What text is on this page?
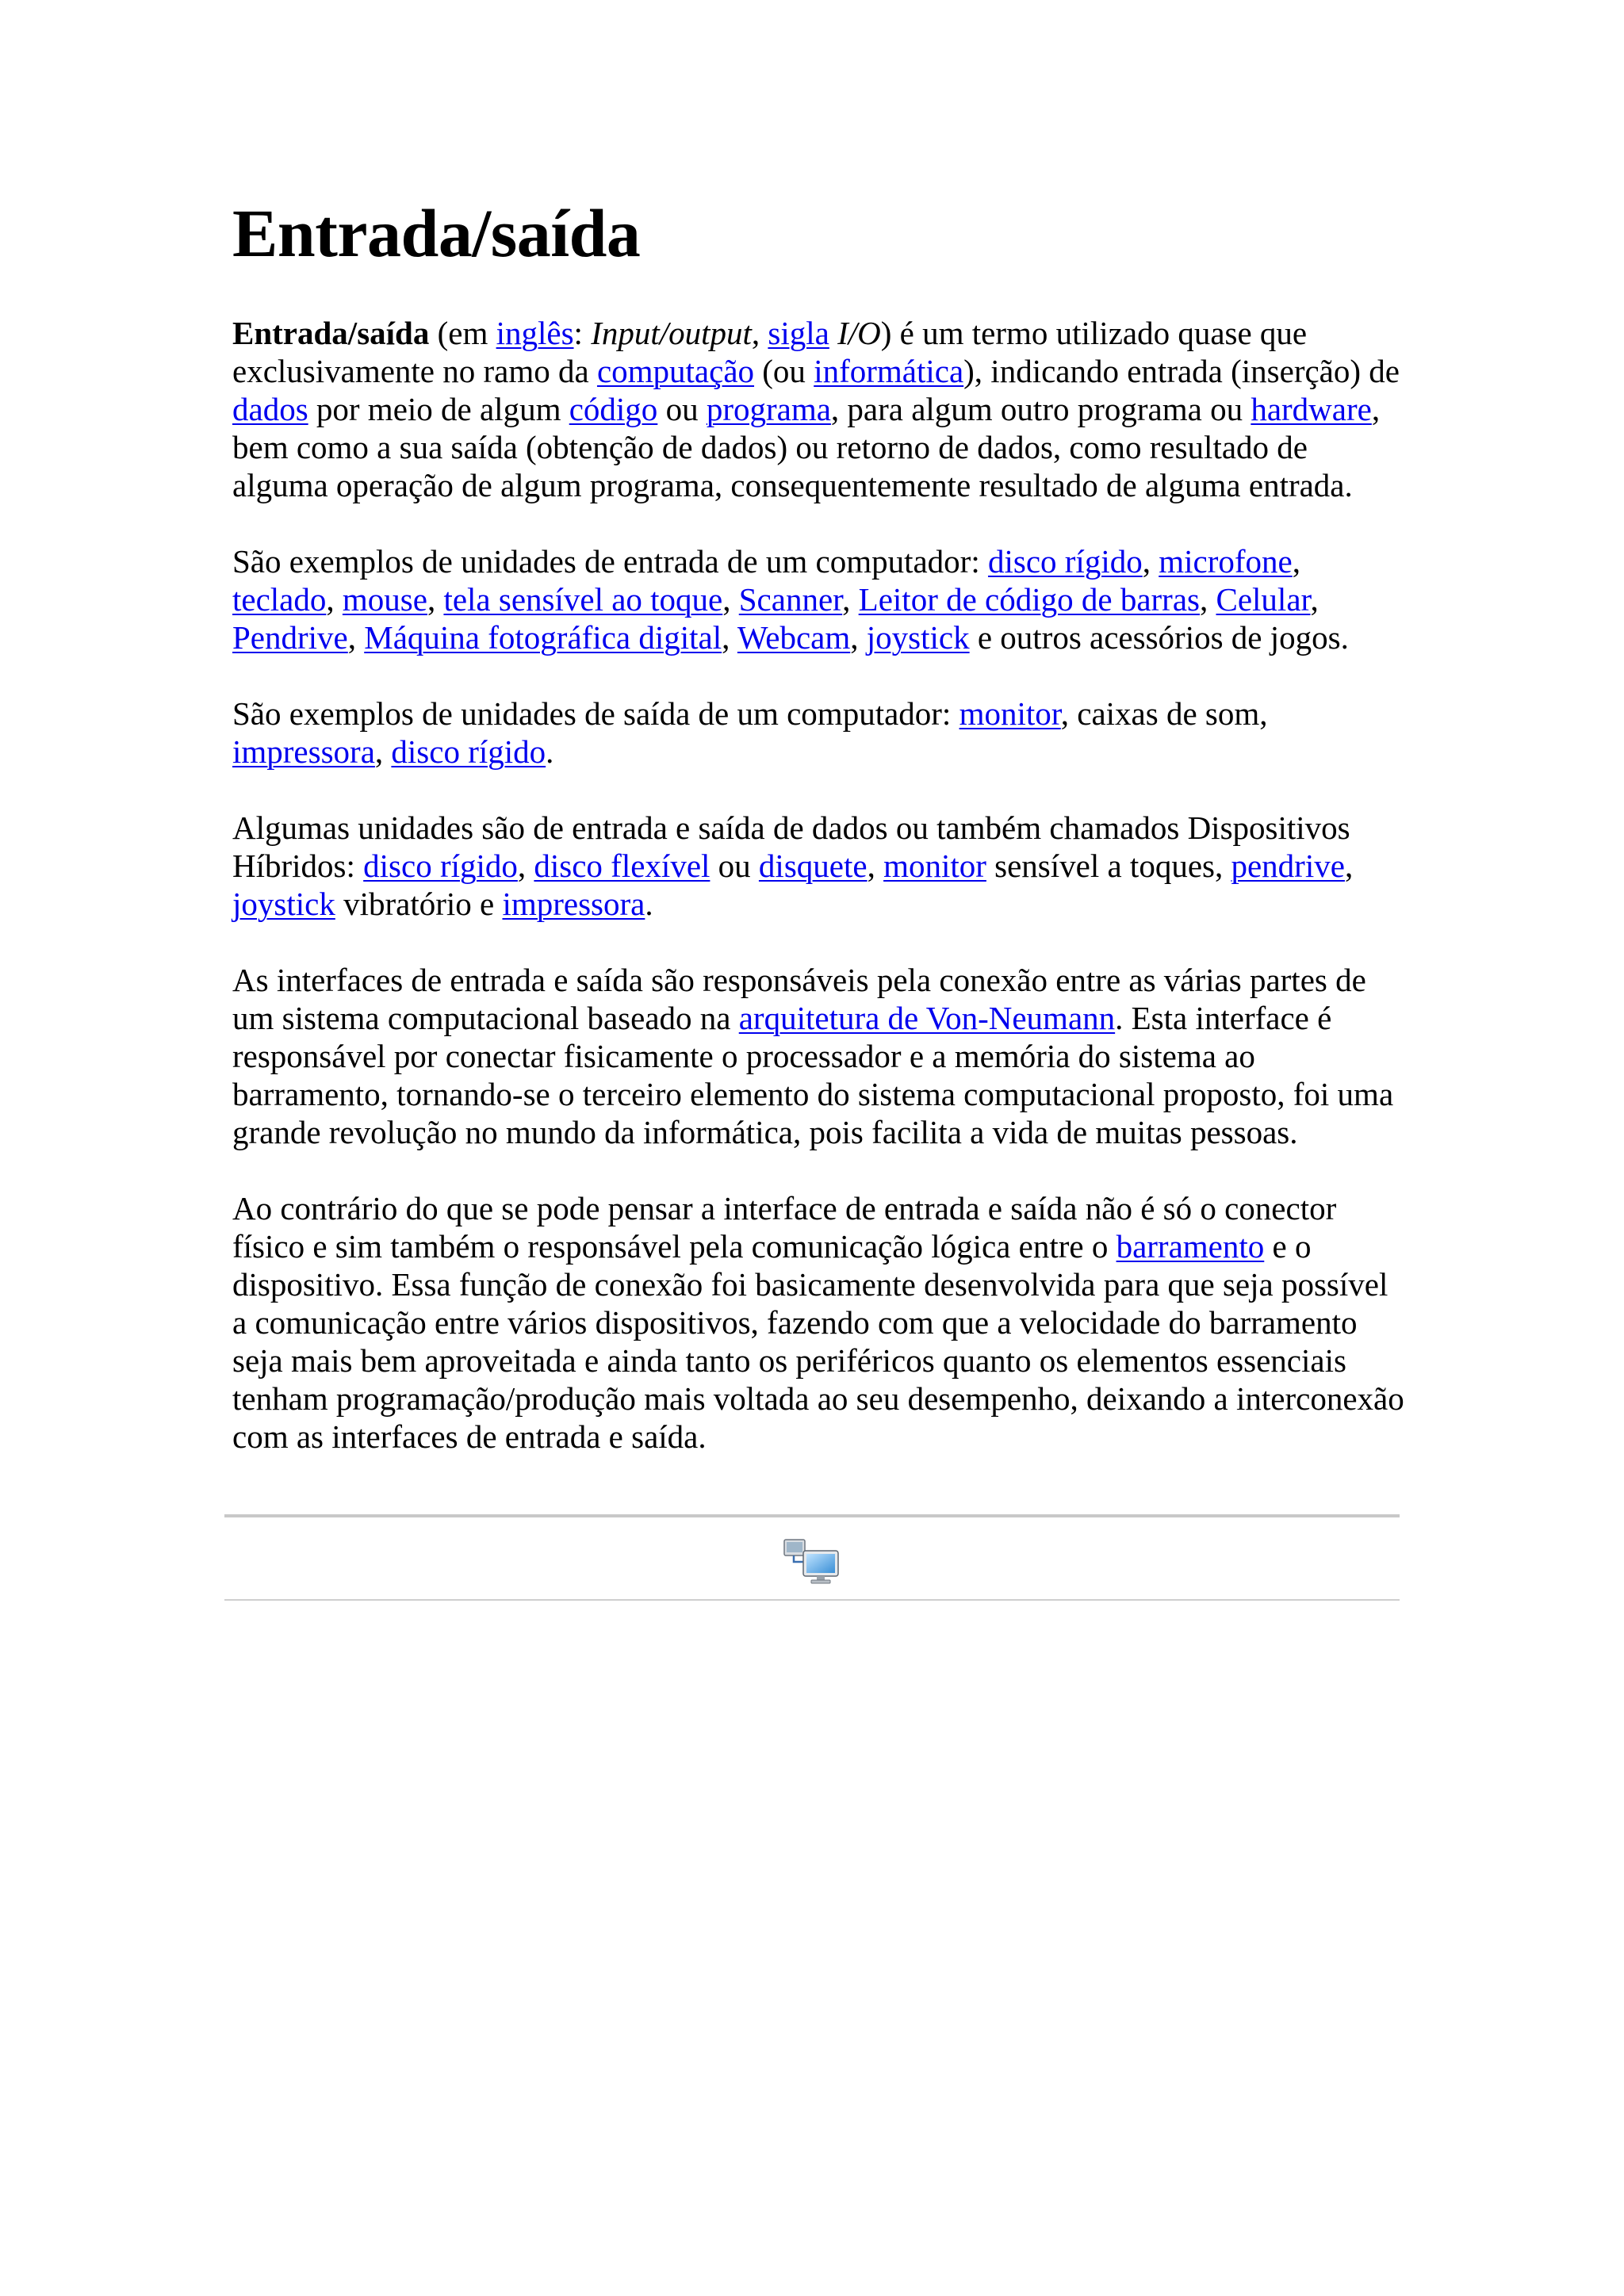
Entrada/saída

Entrada/saída (em inglês: Input/output, sigla I/O) é um termo utilizado quase que exclusivamente no ramo da computação (ou informática), indicando entrada (inserção) de dados por meio de algum código ou programa, para algum outro programa ou hardware, bem como a sua saída (obtenção de dados) ou retorno de dados, como resultado de alguma operação de algum programa, consequentemente resultado de alguma entrada.

São exemplos de unidades de entrada de um computador: disco rígido, microfone, teclado, mouse, tela sensível ao toque, Scanner, Leitor de código de barras, Celular, Pendrive, Máquina fotográfica digital, Webcam, joystick e outros acessórios de jogos.

São exemplos de unidades de saída de um computador: monitor, caixas de som, impressora, disco rígido.

Algumas unidades são de entrada e saída de dados ou também chamados Dispositivos Híbridos: disco rígido, disco flexível ou disquete, monitor sensível a toques, pendrive, joystick vibratório e impressora.

As interfaces de entrada e saída são responsáveis pela conexão entre as várias partes de um sistema computacional baseado na arquitetura de Von-Neumann. Esta interface é responsável por conectar fisicamente o processador e a memória do sistema ao barramento, tornando-se o terceiro elemento do sistema computacional proposto, foi uma grande revolução no mundo da informática, pois facilita a vida de muitas pessoas.

Ao contrário do que se pode pensar a interface de entrada e saída não é só o conector físico e sim também o responsável pela comunicação lógica entre o barramento e o dispositivo. Essa função de conexão foi basicamente desenvolvida para que seja possível a comunicação entre vários dispositivos, fazendo com que a velocidade do barramento seja mais bem aproveitada e ainda tanto os periféricos quanto os elementos essenciais tenham programação/produção mais voltada ao seu desempenho, deixando a interconexão com as interfaces de entrada e saída.
